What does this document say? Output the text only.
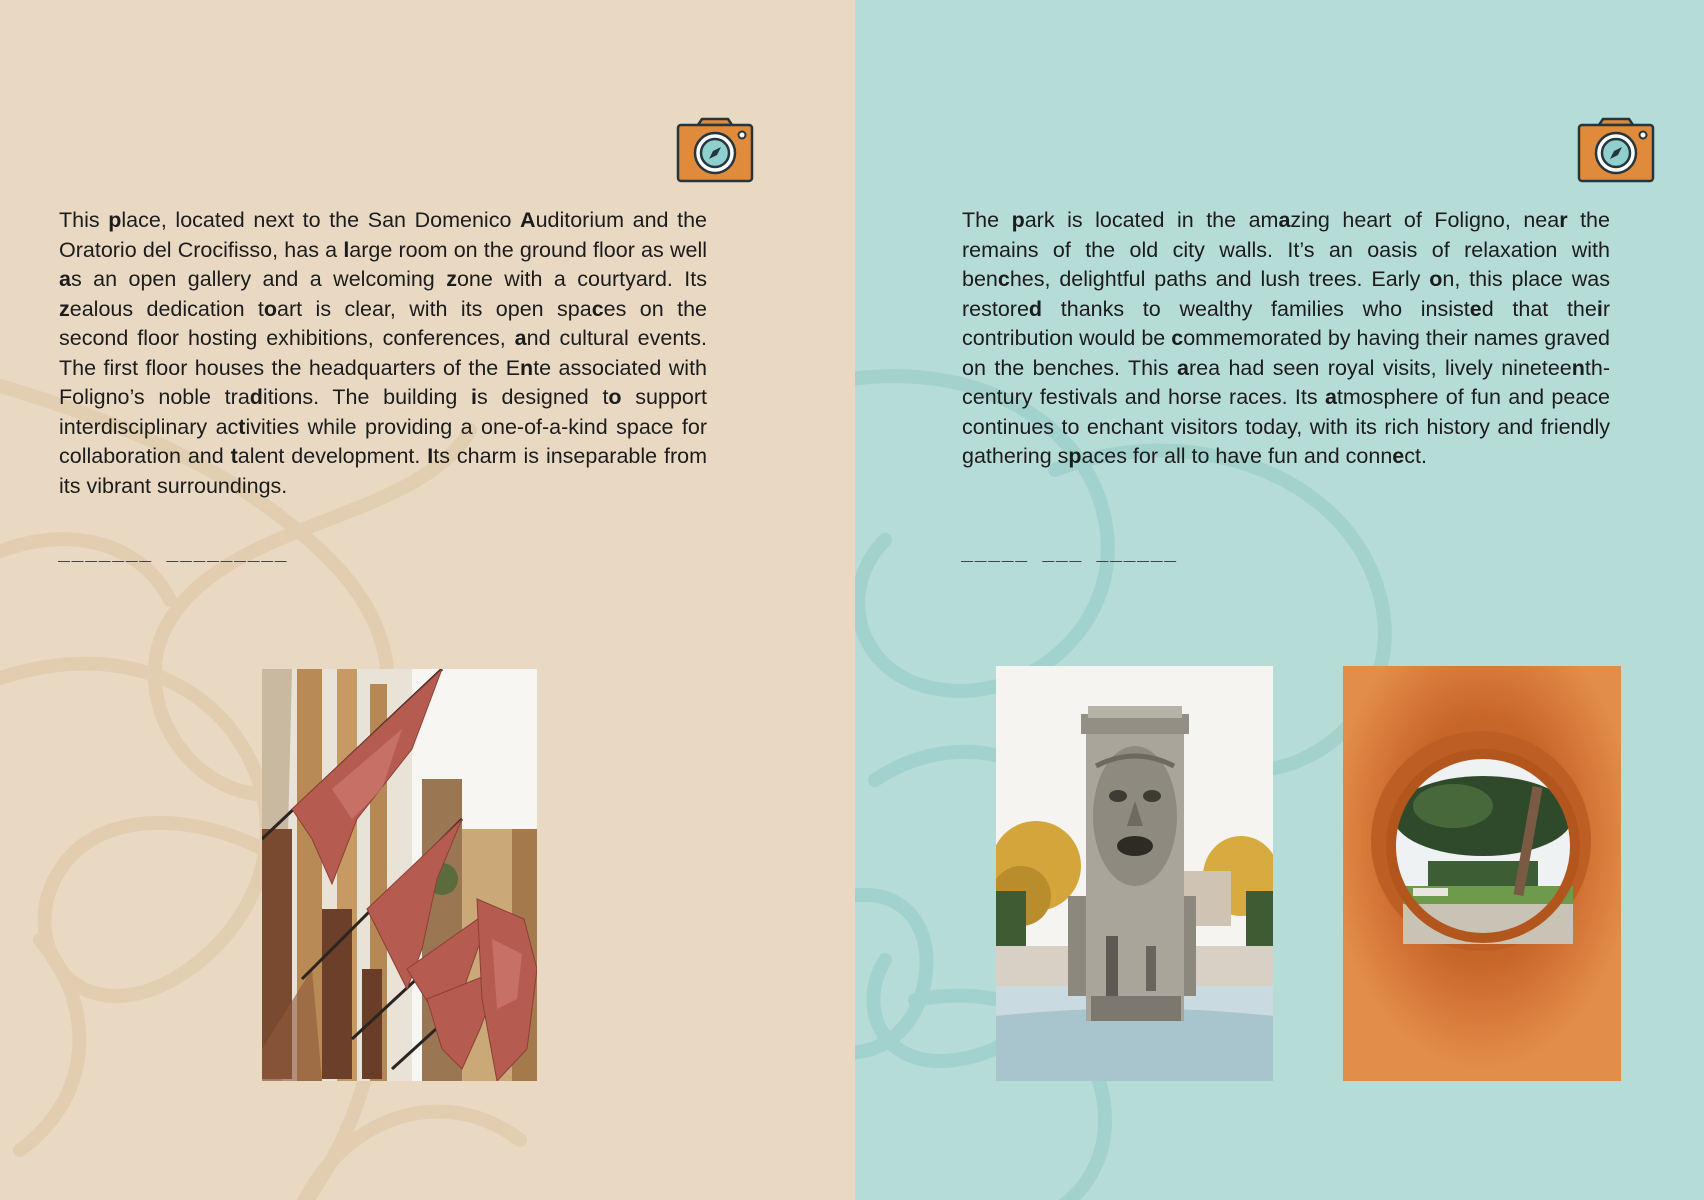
This place, located next to the San Domenico Auditorium and the Oratorio del Crocifisso, has a large room on the ground floor as well as an open gallery and a welcoming zone with a courtyard. Its zealous dedication toart is clear, with its open spaces on the second floor hosting exhibitions, conferences, and cultural events. The first floor houses the headquarters of the Ente associated with Foligno’s noble traditions. The building is designed to support interdisciplinary activities while providing a one-of-a-kind space for collaboration and talent development. Its charm is inseparable from its vibrant surroundings.

_______ _________

The park is located in the amazing heart of Foligno, near the remains of the old city walls. It’s an oasis of relaxation with benches, delightful paths and lush trees. Early on, this place was restored thanks to wealthy families who insisted that their contribution would be commemorated by having their names graved on the benches. This area had seen royal visits, lively nineteenth-century festivals and horse races. Its atmosphere of fun and peace continues to enchant visitors today, with its rich history and friendly gathering spaces for all to have fun and connect.

_____ ___ ______
